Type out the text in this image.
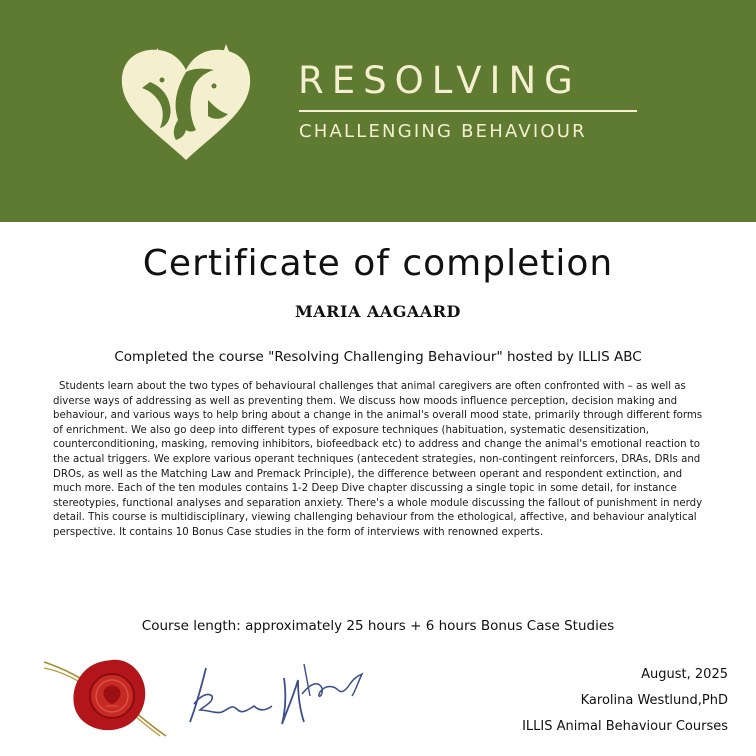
RESOLVING
CHALLENGING BEHAVIOUR
Certificate of completion
MARIA AAGAARD
Completed the course "Resolving Challenging Behaviour" hosted by ILLIS ABC
Students learn about the two types of behavioural challenges that animal caregivers are often confronted with – as well as diverse ways of addressing as well as preventing them. We discuss how moods influence perception, decision making and behaviour, and various ways to help bring about a change in the animal's overall mood state, primarily through different forms of enrichment. We also go deep into different types of exposure techniques (habituation, systematic desensitization, counterconditioning, masking, removing inhibitors, biofeedback etc) to address and change the animal's emotional reaction to the actual triggers. We explore various operant techniques (antecedent strategies, non-contingent reinforcers, DRAs, DRIs and DROs, as well as the Matching Law and Premack Principle), the difference between operant and respondent extinction, and much more. Each of the ten modules contains 1-2 Deep Dive chapter discussing a single topic in some detail, for instance stereotypies, functional analyses and separation anxiety. There's a whole module discussing the fallout of punishment in nerdy detail. This course is multidisciplinary, viewing challenging behaviour from the ethological, affective, and behaviour analytical perspective. It contains 10 Bonus Case studies in the form of interviews with renowned experts.
Course length: approximately 25 hours + 6 hours Bonus Case Studies
August, 2025
Karolina Westlund,PhD
ILLIS Animal Behaviour Courses
